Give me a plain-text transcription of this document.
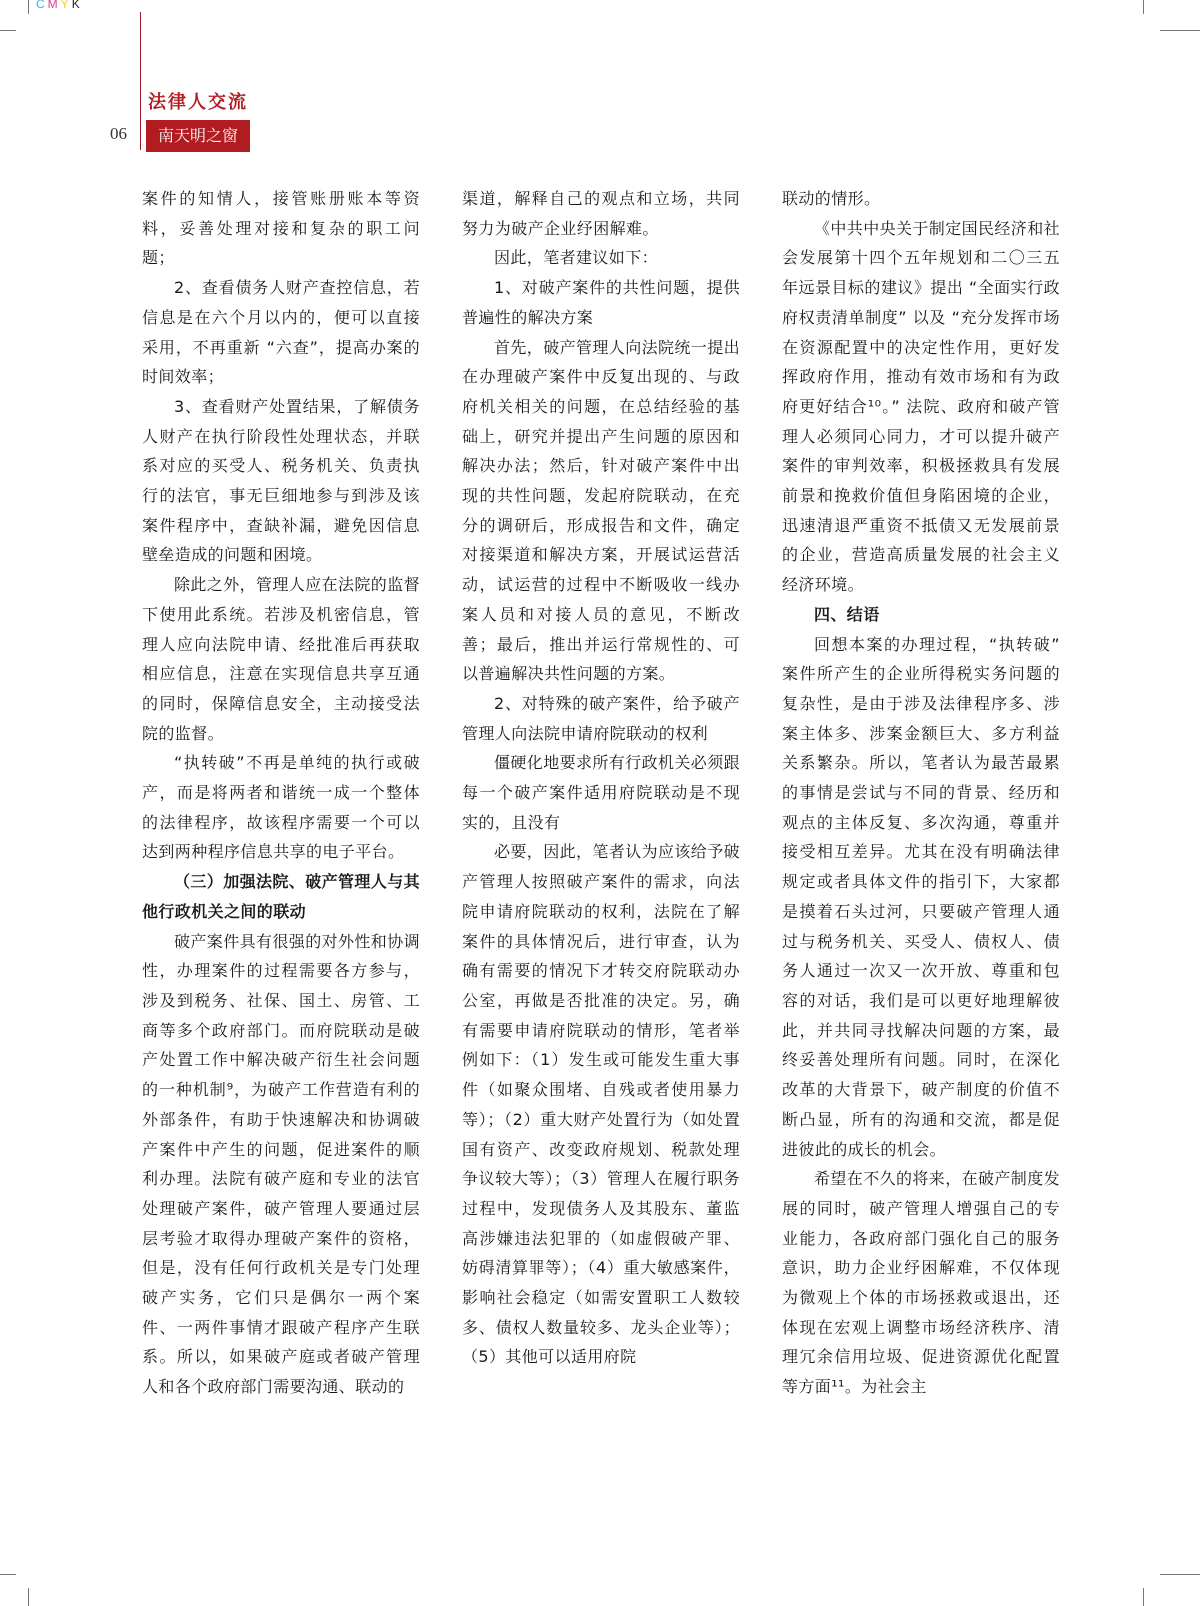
CMYK
法律人交流
06	南天明之窗

案件的知情人，接管账册账本等资料，妥善处理对接和复杂的职工问题；

2、查看债务人财产查控信息，若信息是在六个月以内的，便可以直接采用，不再重新 “六查”，提高办案的时间效率；

3、查看财产处置结果，了解债务人财产在执行阶段性处理状态，并联系对应的买受人、税务机关、负责执行的法官，事无巨细地参与到涉及该案件程序中，查缺补漏，避免因信息壁垒造成的问题和困境。

除此之外，管理人应在法院的监督下使用此系统。若涉及机密信息，管理人应向法院申请、经批准后再获取相应信息，注意在实现信息共享互通的同时，保障信息安全，主动接受法院的监督。

“执转破”不再是单纯的执行或破产，而是将两者和谐统一成一个整体的法律程序，故该程序需要一个可以达到两种程序信息共享的电子平台。

（三）加强法院、破产管理人与其他行政机关之间的联动

破产案件具有很强的对外性和协调性，办理案件的过程需要各方参与，涉及到税务、社保、国土、房管、工商等多个政府部门。而府院联动是破产处置工作中解决破产衍生社会问题的一种机制⁹，为破产工作营造有利的外部条件，有助于快速解决和协调破产案件中产生的问题，促进案件的顺利办理。法院有破产庭和专业的法官处理破产案件，破产管理人要通过层层考验才取得办理破产案件的资格，但是，没有任何行政机关是专门处理破产实务，它们只是偶尔一两个案件、一两件事情才跟破产程序产生联系。所以，如果破产庭或者破产管理人和各个政府部门需要沟通、联动的

渠道，解释自己的观点和立场，共同努力为破产企业纾困解难。

因此，笔者建议如下：

1、对破产案件的共性问题，提供普遍性的解决方案

首先，破产管理人向法院统一提出在办理破产案件中反复出现的、与政府机关相关的问题，在总结经验的基础上，研究并提出产生问题的原因和解决办法；然后，针对破产案件中出现的共性问题，发起府院联动，在充分的调研后，形成报告和文件，确定对接渠道和解决方案，开展试运营活动，试运营的过程中不断吸收一线办案人员和对接人员的意见，不断改善；最后，推出并运行常规性的、可以普遍解决共性问题的方案。

2、对特殊的破产案件，给予破产管理人向法院申请府院联动的权利

僵硬化地要求所有行政机关必须跟每一个破产案件适用府院联动是不现实的，且没有

必要，因此，笔者认为应该给予破产管理人按照破产案件的需求，向法院申请府院联动的权利，法院在了解案件的具体情况后，进行审查，认为确有需要的情况下才转交府院联动办公室，再做是否批准的决定。另，确有需要申请府院联动的情形，笔者举例如下：（1）发生或可能发生重大事件（如聚众围堵、自残或者使用暴力等）；（2）重大财产处置行为（如处置国有资产、改变政府规划、税款处理争议较大等）；（3）管理人在履行职务过程中，发现债务人及其股东、董监高涉嫌违法犯罪的（如虚假破产罪、妨碍清算罪等）；（4）重大敏感案件，影响社会稳定（如需安置职工人数较多、债权人数量较多、龙头企业等）；（5）其他可以适用府院

联动的情形。

《中共中央关于制定国民经济和社会发展第十四个五年规划和二〇三五年远景目标的建议》提出 “全面实行政府权责清单制度” 以及 “充分发挥市场在资源配置中的决定性作用，更好发挥政府作用，推动有效市场和有为政府更好结合¹⁰。” 法院、政府和破产管理人必须同心同力，才可以提升破产案件的审判效率，积极拯救具有发展前景和挽救价值但身陷困境的企业，迅速清退严重资不抵债又无发展前景的企业，营造高质量发展的社会主义经济环境。

四、结语

回想本案的办理过程，“执转破” 案件所产生的企业所得税实务问题的复杂性，是由于涉及法律程序多、涉案主体多、涉案金额巨大、多方利益关系繁杂。所以，笔者认为最苦最累的事情是尝试与不同的背景、经历和观点的主体反复、多次沟通，尊重并接受相互差异。尤其在没有明确法律规定或者具体文件的指引下，大家都是摸着石头过河，只要破产管理人通过与税务机关、买受人、债权人、债务人通过一次又一次开放、尊重和包容的对话，我们是可以更好地理解彼此，并共同寻找解决问题的方案，最终妥善处理所有问题。同时，在深化改革的大背景下，破产制度的价值不断凸显，所有的沟通和交流，都是促进彼此的成长的机会。

希望在不久的将来，在破产制度发展的同时，破产管理人增强自己的专业能力，各政府部门强化自己的服务意识，助力企业纾困解难，不仅体现为微观上个体的市场拯救或退出，还体现在宏观上调整市场经济秩序、清理冗余信用垃圾、促进资源优化配置等方面¹¹。为社会主
